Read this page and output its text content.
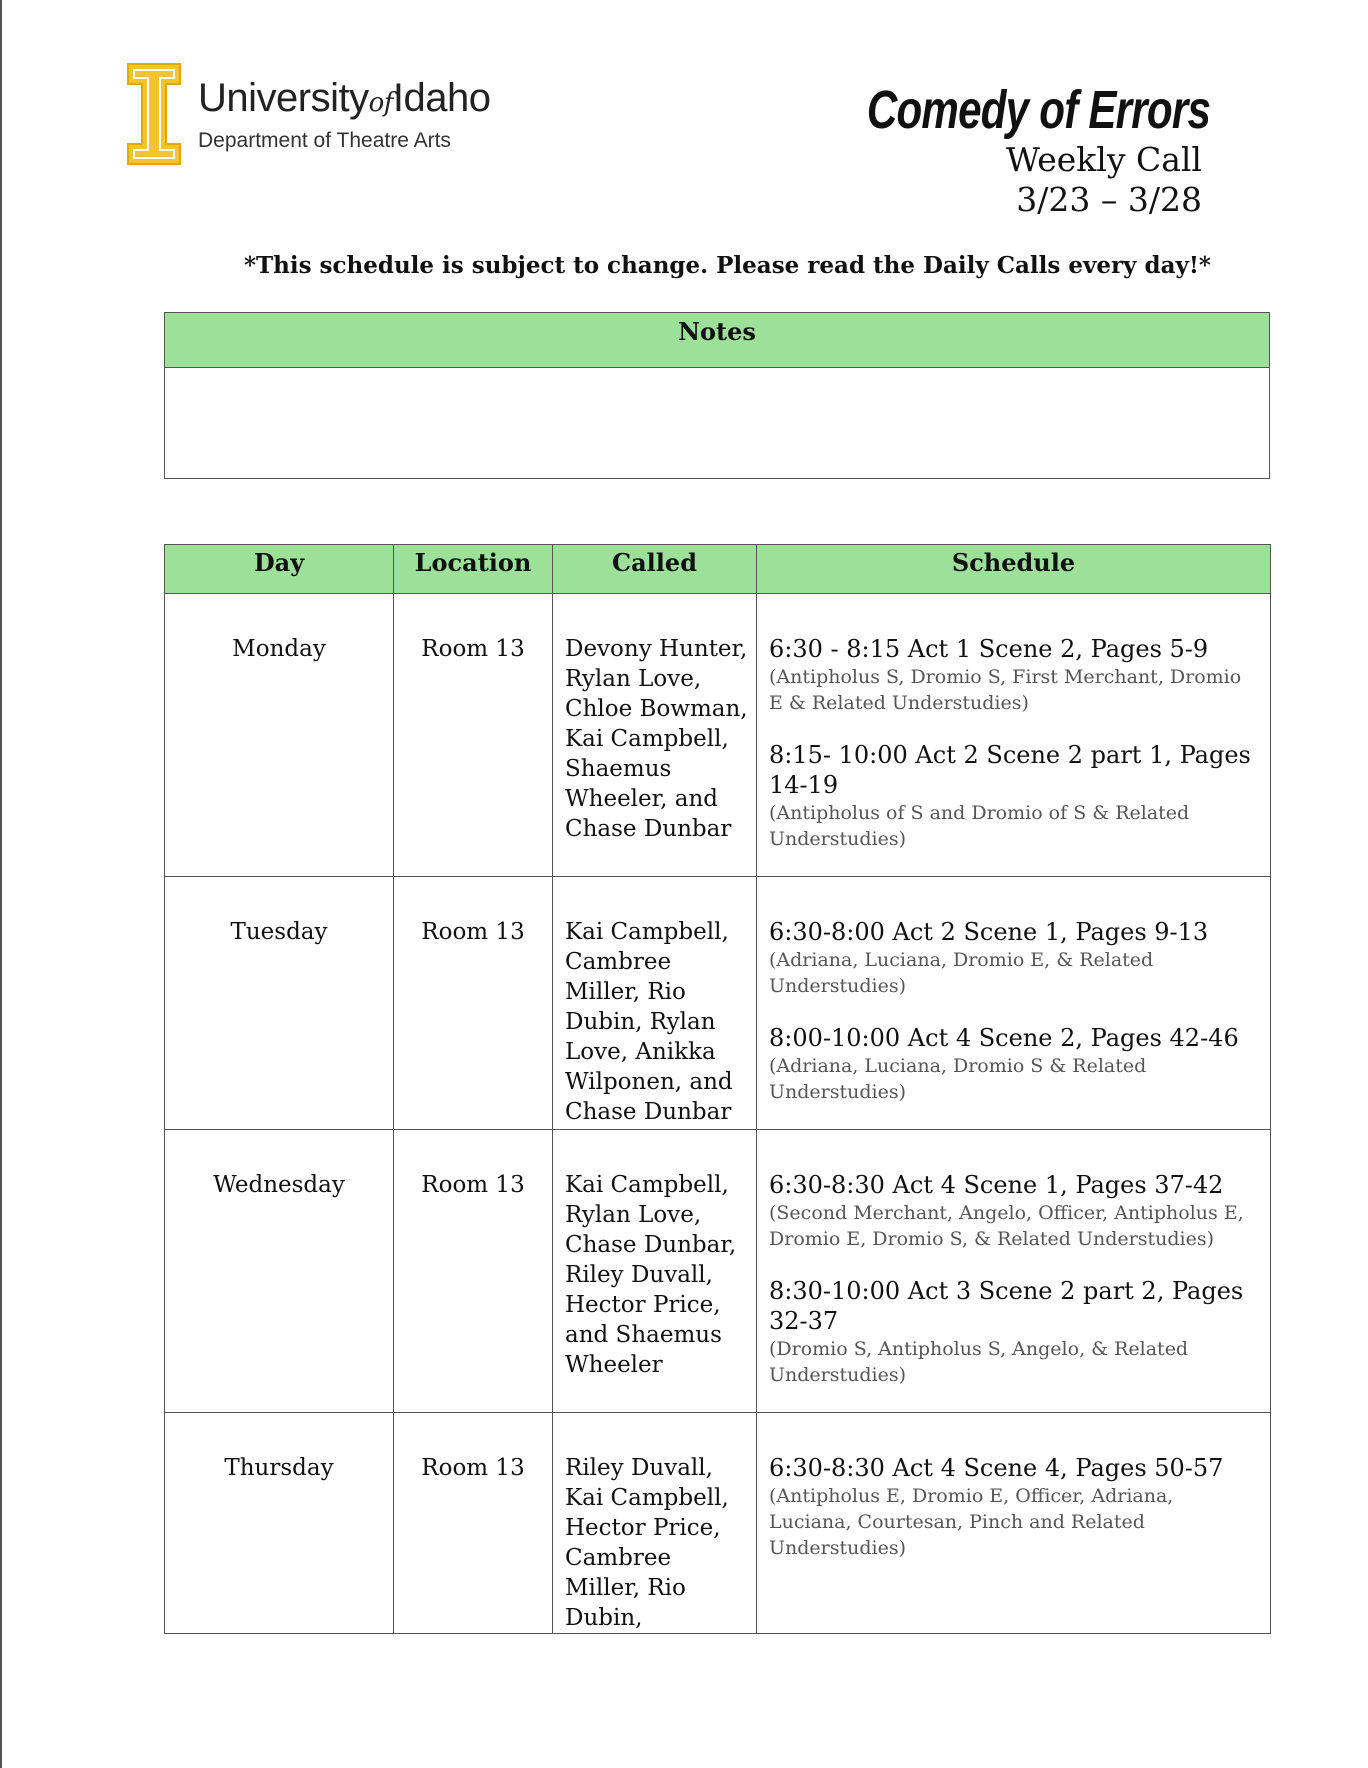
UniversityofIdaho
Department of Theatre Arts
Comedy of Errors
Weekly Call
3/23 – 3/28
*This schedule is subject to change. Please read the Daily Calls every day!*
Notes
Day	Location	Called	Schedule
Monday	Room 13	Devony Hunter, Rylan Love, Chloe Bowman, Kai Campbell, Shaemus Wheeler, and Chase Dunbar	6:30 - 8:15 Act 1 Scene 2, Pages 5-9
(Antipholus S, Dromio S, First Merchant, Dromio E & Related Understudies)
8:15- 10:00 Act 2 Scene 2 part 1, Pages 14-19
(Antipholus of S and Dromio of S & Related Understudies)

Tuesday	Room 13	Kai Campbell, Cambree Miller, Rio Dubin, Rylan Love, Anikka Wilponen, and Chase Dunbar	6:30-8:00 Act 2 Scene 1, Pages 9-13
(Adriana, Luciana, Dromio E, & Related Understudies)
8:00-10:00 Act 4 Scene 2, Pages 42-46
(Adriana, Luciana, Dromio S & Related Understudies)

Wednesday	Room 13	Kai Campbell, Rylan Love, Chase Dunbar, Riley Duvall, Hector Price, and Shaemus Wheeler	6:30-8:30 Act 4 Scene 1, Pages 37-42
(Second Merchant, Angelo, Officer, Antipholus E, Dromio E, Dromio S, & Related Understudies)
8:30-10:00 Act 3 Scene 2 part 2, Pages 32-37
(Dromio S, Antipholus S, Angelo, & Related Understudies)

Thursday	Room 13	Riley Duvall, Kai Campbell, Hector Price, Cambree Miller, Rio Dubin,	6:30-8:30 Act 4 Scene 4, Pages 50-57
(Antipholus E, Dromio E, Officer, Adriana, Luciana, Courtesan, Pinch and Related Understudies)
